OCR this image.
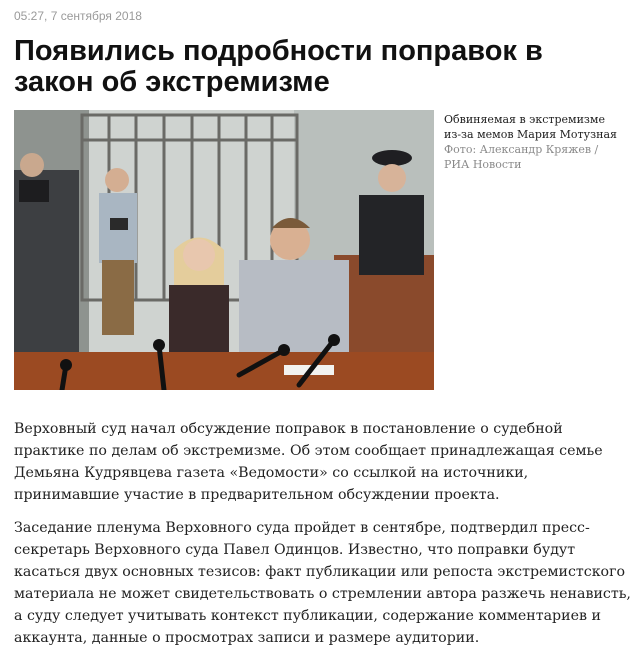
05:27, 7 сентября 2018
Появились подробности поправок в закон об экстремизме
Обвиняемая в экстремизме из-за мемов Мария Мотузная
Фото: Александр Кряжев / РИА Новости

Верховный суд начал обсуждение поправок в постановление о судебной практике по делам об экстремизме. Об этом сообщает принадлежащая семье Демьяна Кудрявцева газета «Ведомости» со ссылкой на источники, принимавшие участие в предварительном обсуждении проекта.

Заседание пленума Верховного суда пройдет в сентябре, подтвердил пресс-секретарь Верховного суда Павел Одинцов. Известно, что поправки будут касаться двух основных тезисов: факт публикации или репоста экстремистского материала не может свидетельствовать о стремлении автора разжечь ненависть, а суду следует учитывать контекст публикации, содержание комментариев и аккаунта, данные о просмотрах записи и размере аудитории.
